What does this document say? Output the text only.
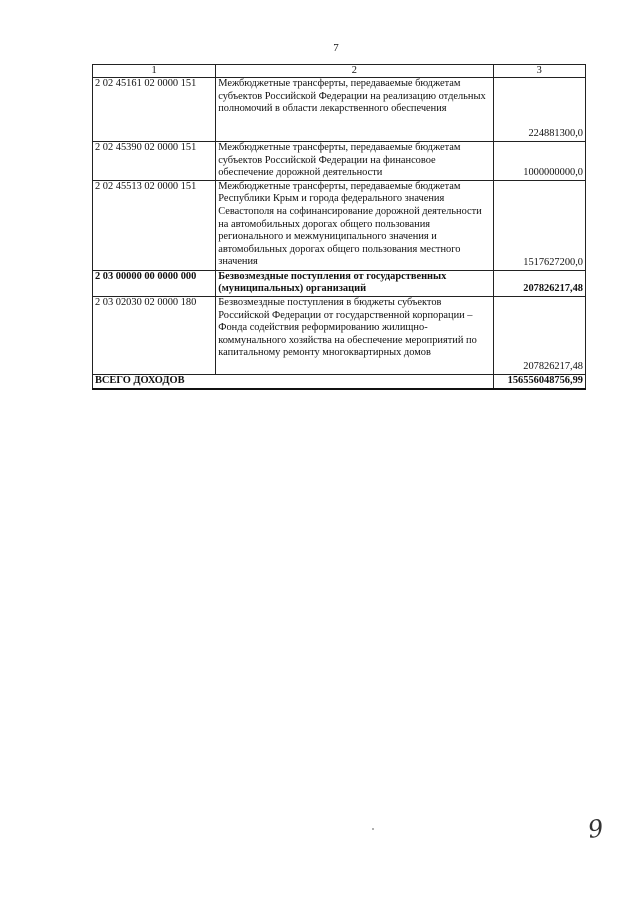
7
1	2	3
2 02 45161 02 0000 151	Межбюджетные трансферты, передаваемые бюджетам субъектов Российской Федерации на реализацию отдельных полномочий в области лекарственного обеспечения	224881300,0
2 02 45390 02 0000 151	Межбюджетные трансферты, передаваемые бюджетам субъектов Российской Федерации на финансовое обеспечение дорожной деятельности	1000000000,0
2 02 45513 02 0000 151	Межбюджетные трансферты, передаваемые бюджетам Республики Крым и города федерального значения Севастополя на софинансирование дорожной деятельности на автомобильных дорогах общего пользования регионального и межмуниципального значения и автомобильных дорогах общего пользования местного значения	1517627200,0
2 03 00000 00 0000 000	Безвозмездные поступления от государственных (муниципальных) организаций	207826217,48
2 03 02030 02 0000 180	Безвозмездные поступления в бюджеты субъектов Российской Федерации от государственной корпорации – Фонда содействия реформированию жилищно-коммунального хозяйства на обеспечение мероприятий по капитальному ремонту многоквартирных домов	207826217,48
ВСЕГО ДОХОДОВ		156556048756,99
9
